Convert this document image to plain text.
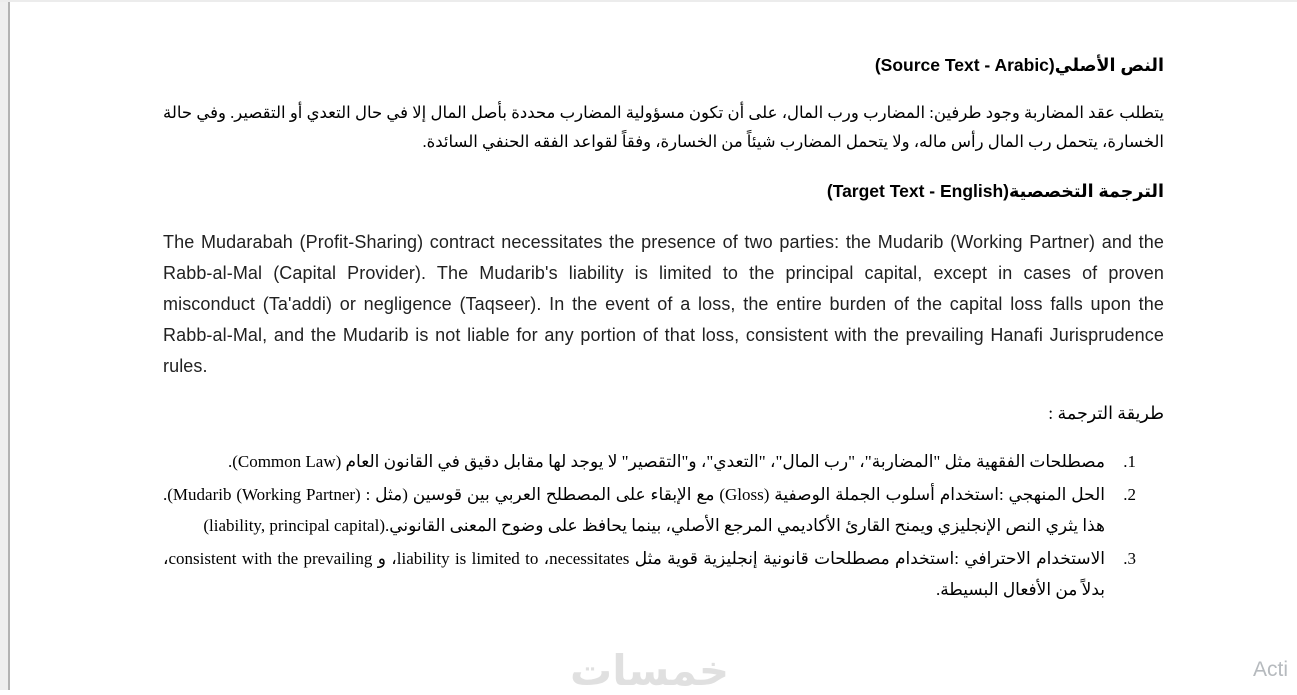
النص الأصلي(Source Text - Arabic)
يتطلب عقد المضاربة وجود طرفين: المضارب ورب المال، على أن تكون مسؤولية المضارب محددة بأصل المال إلا في حال التعدي أو التقصير. وفي حالة الخسارة، يتحمل رب المال رأس ماله، ولا يتحمل المضارب شيئاً من الخسارة، وفقاً لقواعد الفقه الحنفي السائدة.
الترجمة التخصصية(Target Text - English)
The Mudarabah (Profit-Sharing) contract necessitates the presence of two parties: the Mudarib (Working Partner) and the Rabb-al-Mal (Capital Provider). The Mudarib's liability is limited to the principal capital, except in cases of proven misconduct (Ta'addi) or negligence (Taqseer). In the event of a loss, the entire burden of the capital loss falls upon the Rabb-al-Mal, and the Mudarib is not liable for any portion of that loss, consistent with the prevailing Hanafi Jurisprudence rules.
طريقة الترجمة :
1.
مصطلحات الفقهية مثل "المضاربة"، "رب المال"، "التعدي"، و"التقصير" لا يوجد لها مقابل دقيق في القانون العام (Common Law).
2.
الحل المنهجي :استخدام أسلوب الجملة الوصفية (Gloss) مع الإبقاء على المصطلح العربي بين قوسين (مثل : Mudarib (Working Partner)). هذا يثري النص الإنجليزي ويمنح القارئ الأكاديمي المرجع الأصلي، بينما يحافظ على وضوح المعنى القانوني.(liability, principal capital)
3.
الاستخدام الاحترافي :استخدام مصطلحات قانونية إنجليزية قوية مثل necessitates،‏ liability is limited to، و consistent with the prevailing، بدلاً من الأفعال البسيطة.
خمسات	Acti
